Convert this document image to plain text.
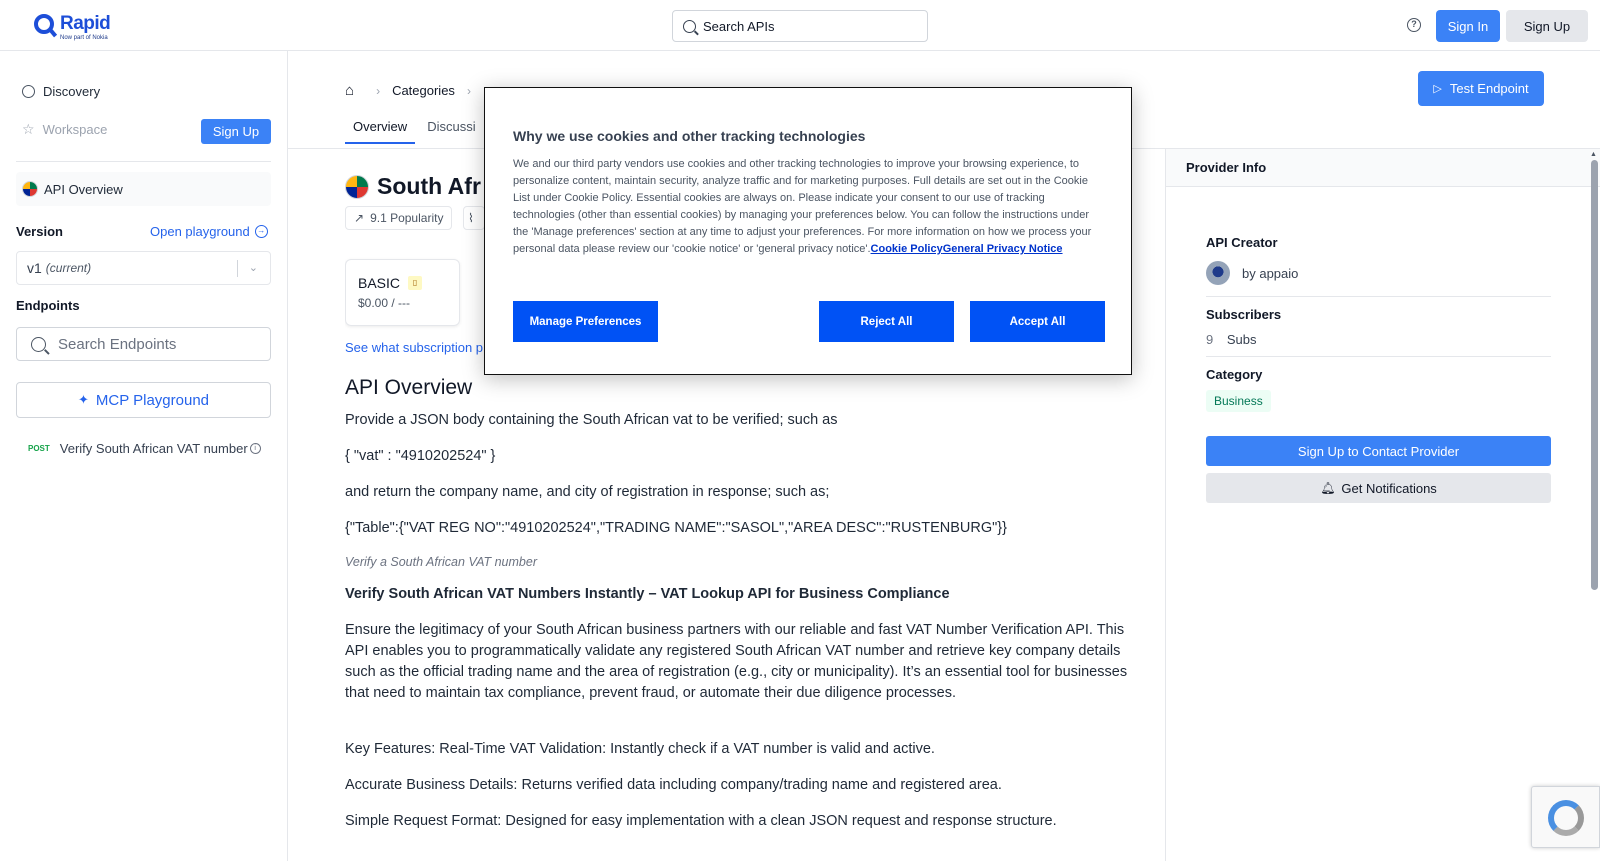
Rapid
Now part of Nokia
Search APIs	?	Sign In	Sign Up
Discovery
☆ Workspace	Sign Up
API Overview
Version	Open playground →
v1 (current)	⌄
Endpoints
Search Endpoints
✦ MCP Playground
POST Verify South African VAT number i
⌂ › Categories ›	▷ Test Endpoint
Overview	Discussi
South Afr
↗ 9.1 Popularity ⌇
BASIC	▯
$0.00 / ---
See what subscription p
API Overview
Provide a JSON body containing the South African vat to be verified; such as
{ "vat" : "4910202524" }
and return the company name, and city of registration in response; such as;
{"Table":{"VAT REG NO":"4910202524","TRADING NAME":"SASOL","AREA DESC":"RUSTENBURG"}}
Verify a South African VAT number
Verify South African VAT Numbers Instantly – VAT Lookup API for Business Compliance
Ensure the legitimacy of your South African business partners with our reliable and fast VAT Number Verification API. This API enables you to programmatically validate any registered South African VAT number and retrieve key company details such as the official trading name and the area of registration (e.g., city or municipality). It’s an essential tool for businesses that need to maintain tax compliance, prevent fraud, or automate their due diligence processes.
Key Features: Real-Time VAT Validation: Instantly check if a VAT number is valid and active.
Accurate Business Details: Returns verified data including company/trading name and registered area.
Simple Request Format: Designed for easy implementation with a clean JSON request and response structure.
Provider Info
API Creator
by appaio
Subscribers
9 Subs
Category
Business
Sign Up to Contact Provider
🔔︎ Get Notifications
▲
Why we use cookies and other tracking technologies
We and our third party vendors use cookies and other tracking technologies to improve your browsing experience, to personalize content, maintain security, analyze traffic and for marketing purposes. Full details are set out in the Cookie List under Cookie Policy. Essential cookies are always on. Please indicate your consent to our use of tracking technologies (other than essential cookies) by managing your preferences below. You can follow the instructions under the 'Manage preferences' section at any time to adjust your preferences. For more information on how we process your personal data please review our 'cookie notice' or 'general privacy notice'.Cookie PolicyGeneral Privacy Notice
Manage Preferences	Reject All	Accept All
